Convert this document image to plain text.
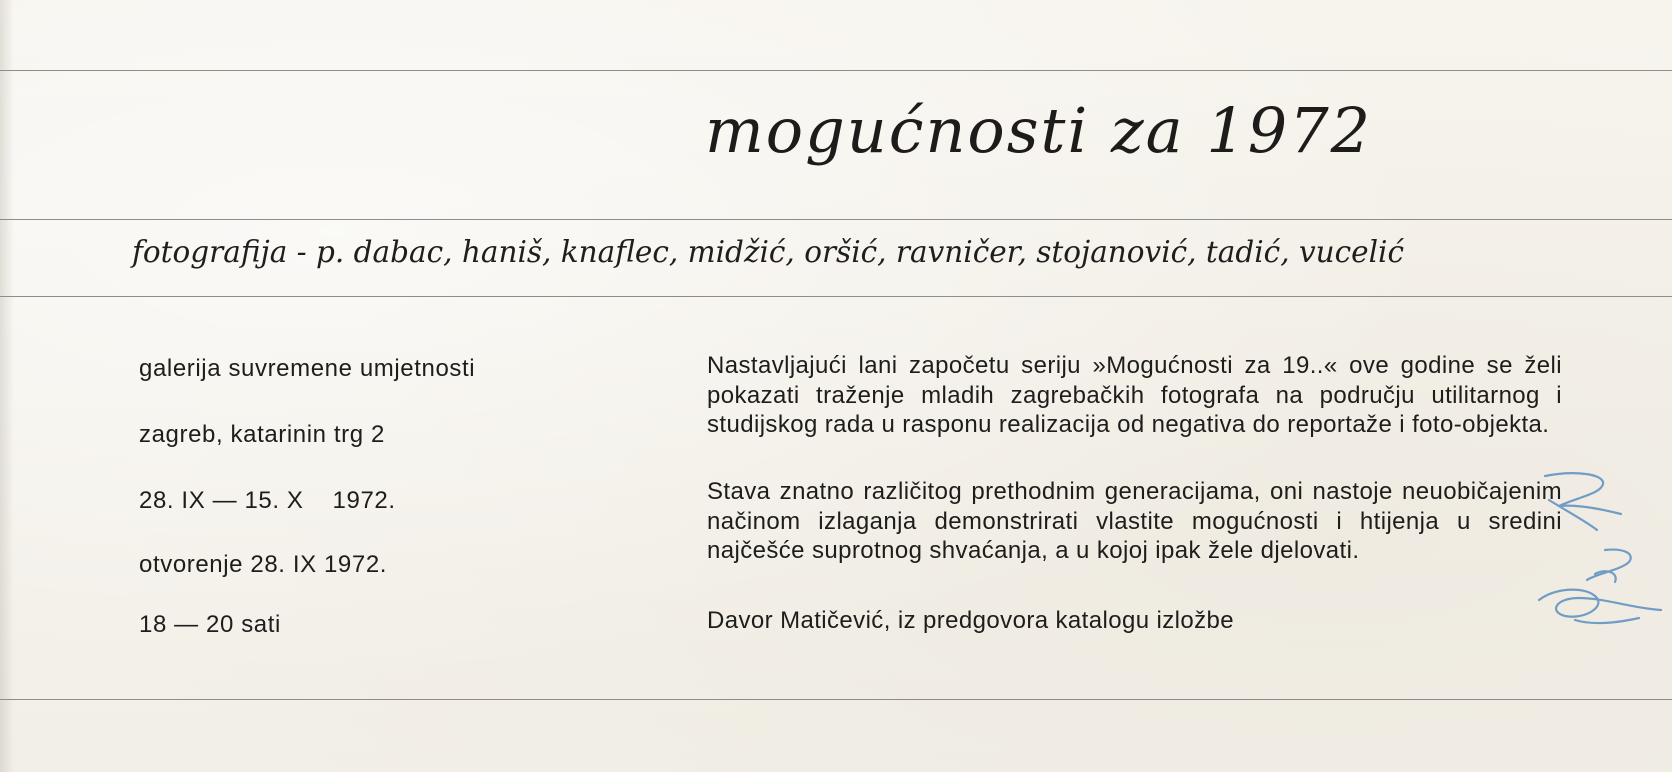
mogućnosti za 1972
fotografija - p. dabac, haniš, knaflec, midžić, oršić, ravničer, stojanović, tadić, vucelić
galerija suvremene umjetnosti
zagreb, katarinin trg 2
28. IX — 15. X    1972.
otvorenje 28. IX 1972.
18 — 20 sati
Nastavljajući lani započetu seriju »Mogućnosti za 19..« ove godine se želi pokazati traženje mladih zagrebačkih fotografa na području utilitarnog i studijskog rada u rasponu realizacija od negativa do reportaže i foto-objekta.
Stava znatno različitog prethodnim generacijama, oni nastoje neuobičajenim načinom izlaganja demonstrirati vlastite mogućnosti i htijenja u sredini najčešće suprotnog shvaćanja, a u kojoj ipak žele djelovati.
Davor Matičević, iz predgovora katalogu izložbe
